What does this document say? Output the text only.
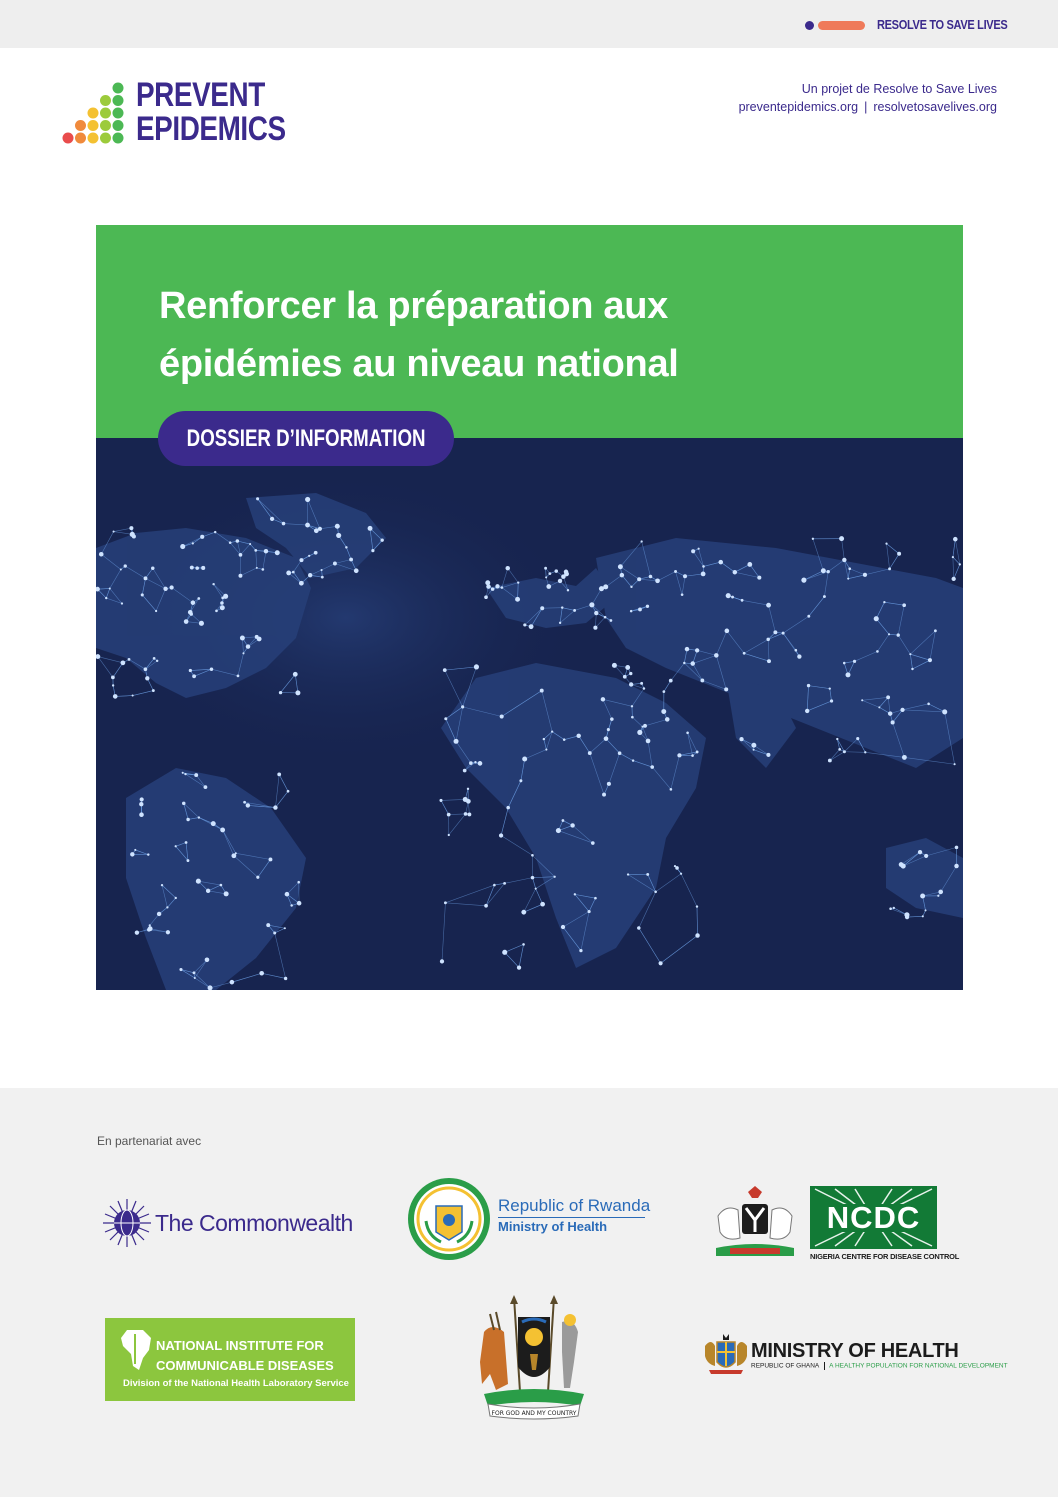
RESOLVE TO SAVE LIVES
PREVENT
EPIDEMICS
Un projet de Resolve to Save Lives
preventepidemics.org | resolvetosavelives.org
Renforcer la préparation aux
épidémies au niveau national
DOSSIER D’INFORMATION
En partenariat avec
The Commonwealth
Republic of Rwanda
Ministry of Health	NCDC
NIGERIA CENTRE FOR DISEASE CONTROL
NATIONAL INSTITUTE FOR
COMMUNICABLE DISEASES
Division of the National Health Laboratory Service
FOR GOD AND MY COUNTRY
MINISTRY OF HEALTH
REPUBLIC OF GHANA A HEALTHY POPULATION FOR NATIONAL DEVELOPMENT
